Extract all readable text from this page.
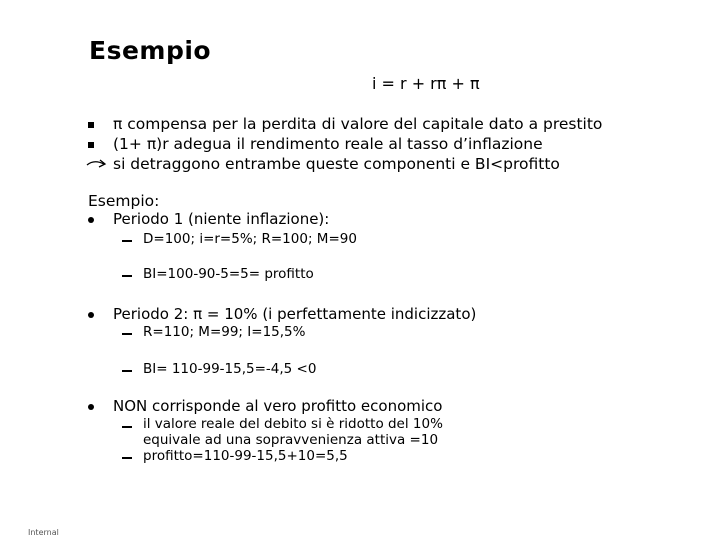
Esempio
i = r + rπ + π
π compensa per la perdita di valore del capitale dato a prestito
(1+ π)r adegua il rendimento reale al tasso d’inflazione
si detraggono entrambe queste componenti e BI<profitto
Esempio:
Periodo 1 (niente inflazione):
D=100; i=r=5%; R=100; M=90
BI=100-90-5=5= profitto
Periodo 2: π = 10% (i perfettamente indicizzato)
R=110; M=99; I=15,5%
BI= 110-99-15,5=-4,5 <0
NON corrisponde al vero profitto economico
il valore reale del debito si è ridotto del 10%
equivale ad una sopravvenienza attiva =10
profitto=110-99-15,5+10=5,5
Internal
